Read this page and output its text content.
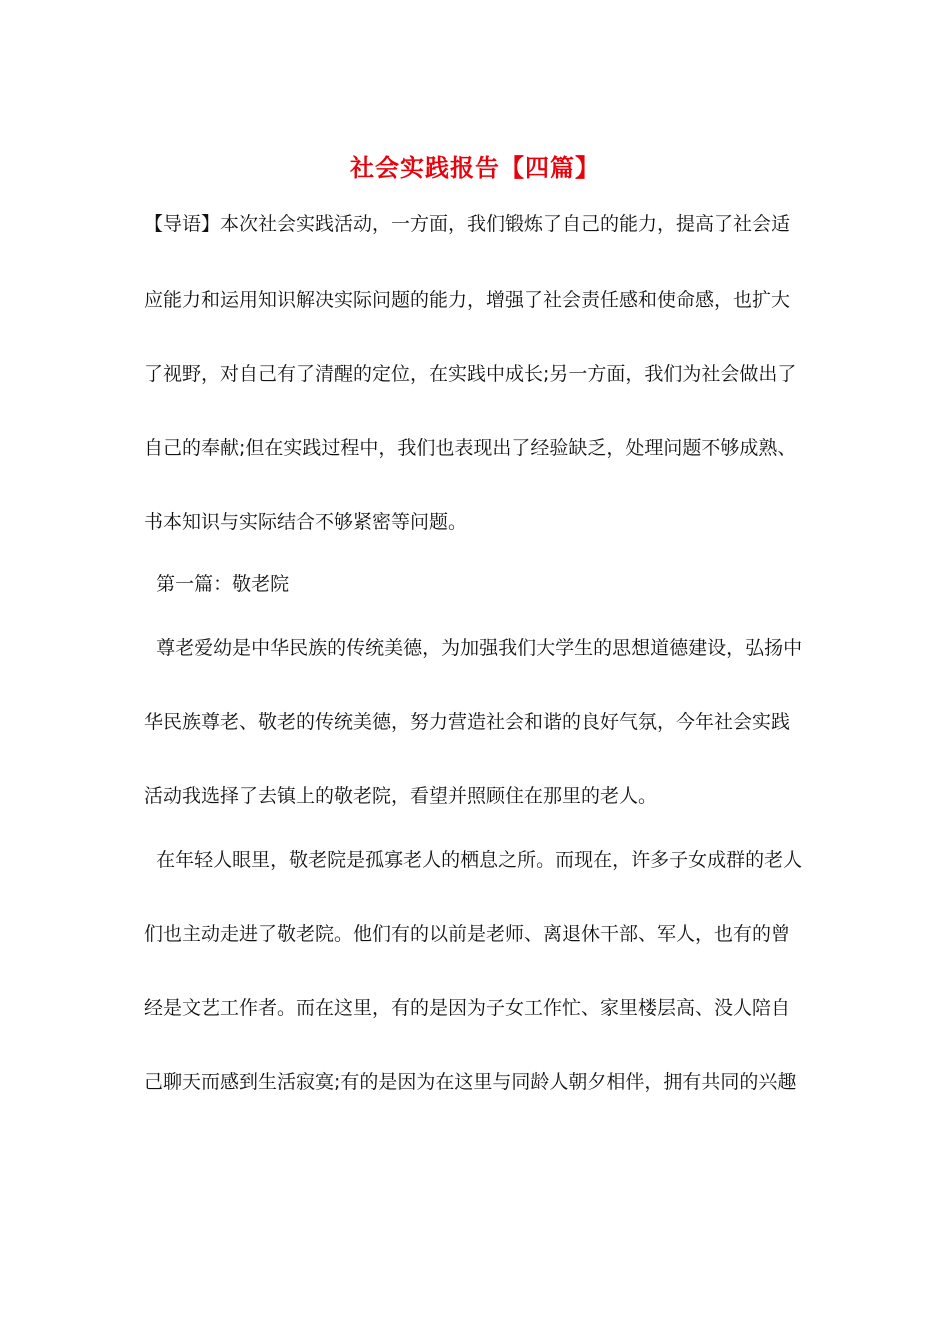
社会实践报告【四篇】
【导语】本次社会实践活动，一方面，我们锻炼了自己的能力，提高了社会适
应能力和运用知识解决实际问题的能力，增强了社会责任感和使命感，也扩大
了视野，对自己有了清醒的定位，在实践中成长;另一方面，我们为社会做出了
自己的奉献;但在实践过程中，我们也表现出了经验缺乏，处理问题不够成熟、
书本知识与实际结合不够紧密等问题。
第一篇：敬老院
尊老爱幼是中华民族的传统美德，为加强我们大学生的思想道德建设，弘扬中
华民族尊老、敬老的传统美德，努力营造社会和谐的良好气氛，今年社会实践
活动我选择了去镇上的敬老院，看望并照顾住在那里的老人。
在年轻人眼里，敬老院是孤寡老人的栖息之所。而现在，许多子女成群的老人
们也主动走进了敬老院。他们有的以前是老师、离退休干部、军人，也有的曾
经是文艺工作者。而在这里，有的是因为子女工作忙、家里楼层高、没人陪自
己聊天而感到生活寂寞;有的是因为在这里与同龄人朝夕相伴，拥有共同的兴趣
